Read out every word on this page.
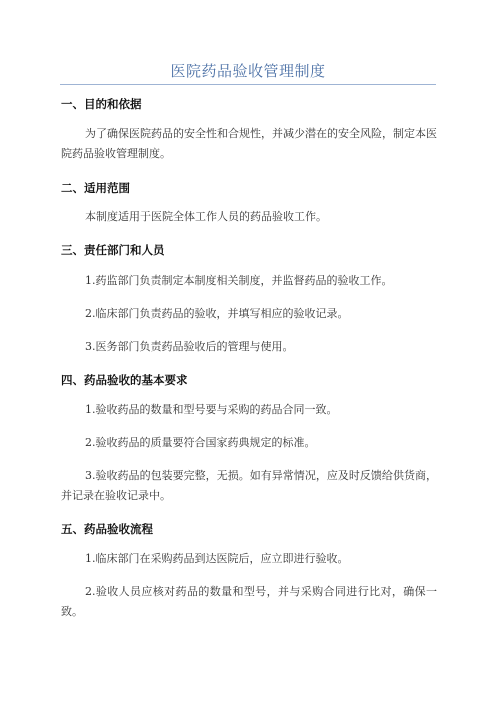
医院药品验收管理制度
一、目的和依据
为了确保医院药品的安全性和合规性，并减少潜在的安全风险，制定本医院药品验收管理制度。
二、适用范围
本制度适用于医院全体工作人员的药品验收工作。
三、责任部门和人员
1.药监部门负责制定本制度相关制度，并监督药品的验收工作。
2.临床部门负责药品的验收，并填写相应的验收记录。
3.医务部门负责药品验收后的管理与使用。
四、药品验收的基本要求
1.验收药品的数量和型号要与采购的药品合同一致。
2.验收药品的质量要符合国家药典规定的标准。
3.验收药品的包装要完整，无损。如有异常情况，应及时反馈给供货商，并记录在验收记录中。
五、药品验收流程
1.临床部门在采购药品到达医院后，应立即进行验收。
2.验收人员应核对药品的数量和型号，并与采购合同进行比对，确保一致。
